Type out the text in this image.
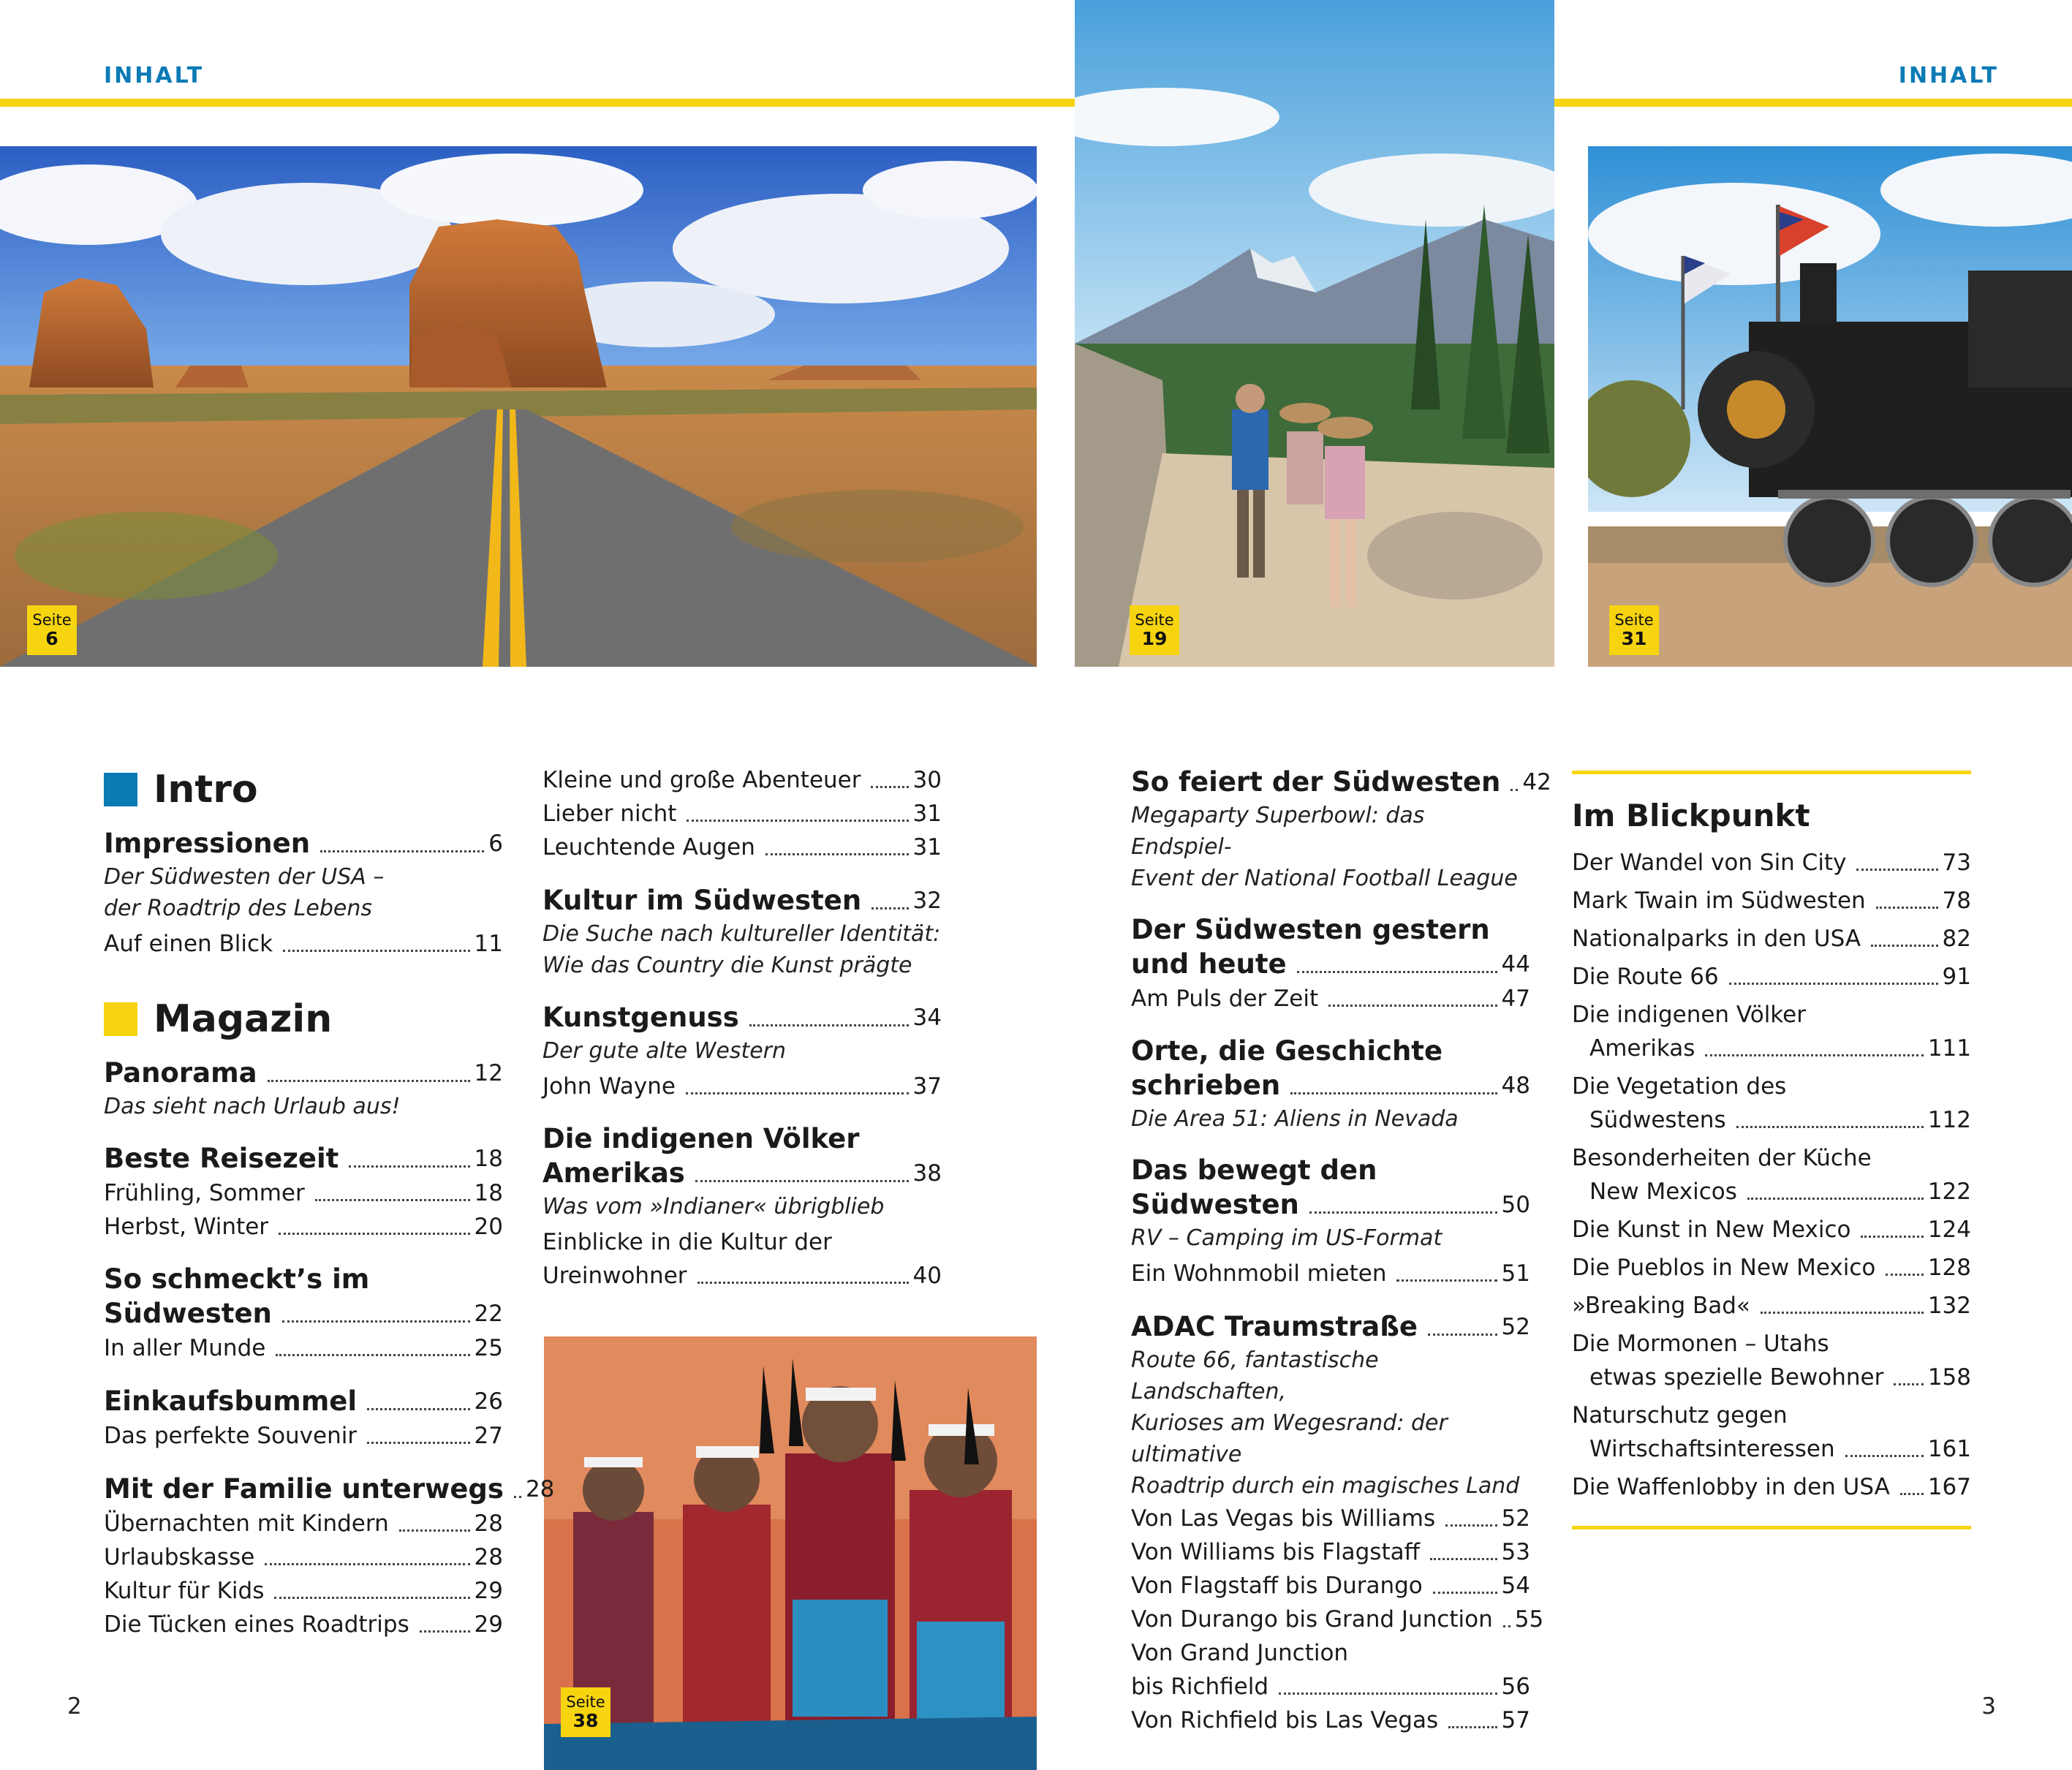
INHALT	INHALT
Seite
6
Seite
19
Seite
31
Seite
38
Intro
Impressionen	6
Der Südwesten der USA –
der Roadtrip des Lebens
Auf einen Blick	11
Magazin
Panorama	12
Das sieht nach Urlaub aus!
Beste Reisezeit	18
Frühling, Sommer	18
Herbst, Winter	20
So schmeckt’s im
Südwesten	22
In aller Munde	25
Einkaufsbummel	26
Das perfekte Souvenir	27
Mit der Familie unterwegs 28
Übernachten mit Kindern	28
Urlaubskasse	28
Kultur für Kids	29
Die Tücken eines Roadtrips	29
Kleine und große Abenteuer 30
Lieber nicht	31
Leuchtende Augen	31
Kultur im Südwesten 32
Die Suche nach kultureller Identität:
Wie das Country die Kunst prägte
Kunstgenuss	34
Der gute alte Western
John Wayne	37
Die indigenen Völker
Amerikas	38
Was vom »Indianer« übrigblieb
Einblicke in die Kultur der
Ureinwohner	40
So feiert der Südwesten 42
Megaparty Superbowl: das Endspiel-
Event der National Football League
Der Südwesten gestern
und heute	44
Am Puls der Zeit	47
Orte, die Geschichte
schrieben	48
Die Area 51: Aliens in Nevada
Das bewegt den
Südwesten	50
RV – Camping im US-Format
Ein Wohnmobil mieten	51
ADAC Traumstraße	52
Route 66, fantastische Landschaften,
Kurioses am Wegesrand: der ultimative
Roadtrip durch ein magisches Land
Von Las Vegas bis Williams	52
Von Williams bis Flagstaff	53
Von Flagstaff bis Durango	54
Von Durango bis Grand Junction 55
Von Grand Junction
bis Richfield	56
Von Richfield bis Las Vegas	57
Im Blickpunkt
Der Wandel von Sin City	73
Mark Twain im Südwesten	78
Nationalparks in den USA	82
Die Route 66	91
Die indigenen Völker
Amerikas	111
Die Vegetation des
Südwestens	112
Besonderheiten der Küche
New Mexicos	122
Die Kunst in New Mexico	124
Die Pueblos in New Mexico 128
»Breaking Bad«	132
Die Mormonen – Utahs
etwas spezielle Bewohner 158
Naturschutz gegen
Wirtschaftsinteressen	161
Die Waffenlobby in den USA 167
2	3
